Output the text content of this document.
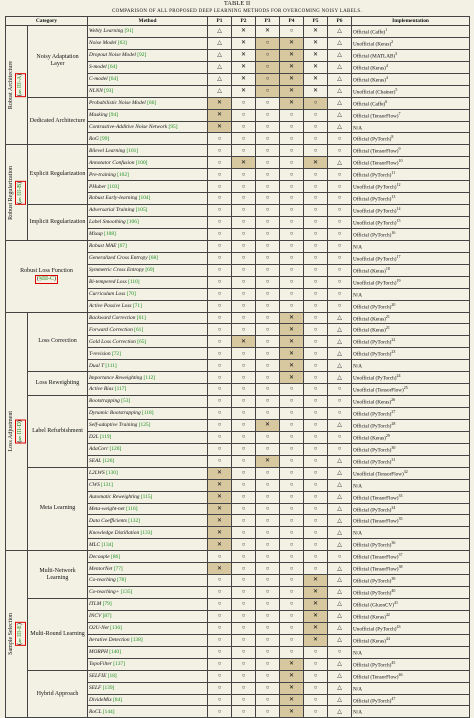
TABLE II
COMPARISON OF ALL PROPOSED DEEP LEARNING METHODS FOR OVERCOMING NOISY LABELS.
Category		Method	P1	P2	P3	P4	P5	P6	Implementation

Robust Architecture (§III-A)	Noisy Adaptation Layer	Webly Learning [91]	△	✕	✕	○	✕	△	Official (Caffe)$^1$
		Noise Model [63]	△	✕	○	✕	✕	△	Unofficial (Keras)$^2$
		Dropout Noise Model [92]	△	✕	○	✕	✕	△	Official (MATLAB)$^3$
		S-model [64]	△	✕	○	✕	✕	△	Official (Keras)$^4$
		C-model [64]	△	✕	○	✕	✕	△	Official (Keras)$^4$
		NLNN [93]	△	✕	○	✕	✕	△	Unofficial (Chainer)$^5$
	Dedicated Architecture	Probabilistic Noise Model [66]	✕	○	○	✕	○	△	Official (Caffe)$^6$
		Masking [94]	✕	○	○	○	○	△	Official (TensorFlow)$^7$
		Contrastive-Additive Noise Network [95]	✕	○	○	○	○	△	N/A
		RoG [99]	○	○	○	○	○	○	Official (PyTorch)$^8$

Robust Regularization (§III-B)	Explicit Regularization	Bilevel Learning [101]	○	○	○	○	○	○	Official (TensorFlow)$^9$
		Annotator Confusion [100]	○	✕	○	○	✕	△	Official (TensorFlow)$^{10}$
		Pre-training [102]	○	○	○	○	○	○	Official (PyTorch)$^{11}$
		PHuber [103]	○	○	○	○	○	○	Unofficial (PyTorch)$^{12}$
		Robust Early-learning [104]	○	○	○	○	○	○	Official (PyTorch)$^{13}$
	Implicit Regularization	Adversarial Training [105]	○	○	○	○	○	○	Unofficial (PyTorch)$^{14}$
		Label Smoothing [106]	○	○	○	○	○	○	Unofficial (PyTorch)$^{15}$
		Mixup [108]	○	○	○	○	○	○	Official (PyTorch)$^{16}$

Robust Loss Function
(§III-C)		Robust MAE [67]	○	○	○	○	○	○	N/A
		Generalized Cross Entropy [68]	○	○	○	○	○	○	Unofficial (PyTorch)$^{17}$
		Symmetric Cross Entropy [69]	○	○	○	○	○	○	Official (Keras)$^{18}$
		Bi-tempered Loss [110]	○	○	○	○	○	○	Unofficial (PyTorch)$^{19}$
		Curriculum Loss [70]	○	○	○	○	○	○	N/A
		Active Passive Loss [71]	○	○	○	○	○	○	Official (PyTorch)$^{20}$

Loss Adjustment (§III-D)	Loss Correction	Backward Correction [61]	○	○	○	✕	○	△	Official (Keras)$^{21}$
		Forward Correction [61]	○	○	○	✕	○	△	Official (Keras)$^{21}$
		Gold Loss Correction [65]	○	✕	○	✕	○	△	Official (PyTorch)$^{22}$
		T-revision [72]	○	○	○	✕	○	△	Official (PyTorch)$^{23}$
		Dual T [111]	○	○	○	✕	○	△	N/A
	Loss Reweighting	Importance Reweighting [112]	○	○	○	✕	○	△	Unofficial (PyTorch)$^{24}$
		Active Bias [117]	○	○	○	○	○	○	Unofficial (TensorFlow)$^{25}$
	Label Refurbishment	Bootstrapping [53]	○	○	○	○	○	○	Unofficial (Keras)$^{26}$
		Dynamic Bootstrapping [118]	○	○	○	○	○	○	Official (PyTorch)$^{27}$
		Self-adaptive Training [125]	○	○	✕	○	○	△	Official (PyTorch)$^{28}$
		D2L [119]	○	○	○	○	○	○	Official (Keras)$^{29}$
		AdaCorr [120]	○	○	○	○	○	○	Official (PyTorch)$^{30}$
		SEAL [126]	○	○	✕	○	○	△	Official (PyTorch)$^{31}$
	Meta Learning	L2LWS [130]	✕	○	○	○	○	△	Unofficial (TensorFlow)$^{32}$
		CWS [131]	✕	○	○	○	○	△	N/A
		Automatic Reweighting [115]	✕	○	○	○	○	△	Official (TensorFlow)$^{33}$
		Meta-weight-net [116]	✕	○	○	○	○	△	Official (PyTorch)$^{34}$
		Data Coefficients [132]	✕	○	○	○	○	△	Official (TensorFlow)$^{35}$
		Knowledge Distillation [133]	✕	○	○	○	○	△	N/A
		MLC [134]	✕	○	○	○	○	△	Official (PyTorch)$^{36}$

Sample Selection (§III-E)	Multi-Network Learning	Decouple [86]	○	○	○	○	○	○	Official (TensorFlow)$^{37}$
		MentorNet [77]	✕	○	○	○	○	△	Official (TensorFlow)$^{38}$
		Co-teaching [78]	○	○	○	○	✕	△	Official (PyTorch)$^{39}$
		Co-teaching+ [135]	○	○	○	○	✕	△	Official (PyTorch)$^{40}$
	Multi-Round Learning	ITLM [79]	○	○	○	○	✕	△	Official (GluonCV)$^{41}$
		INCV [87]	○	○	○	○	✕	△	Official (Keras)$^{42}$
		O2U-Net [136]	○	○	○	○	✕	△	Unofficial (PyTorch)$^{43}$
		Iterative Detection [138]	○	○	○	○	✕	△	Official (Keras)$^{44}$
		MORPH [140]	○	○	○	○	○	○	N/A
		TopoFilter [137]	○	○	○	✕	○	△	Official (PyTorch)$^{45}$
	Hybrid Approach	SELFIE [18]	○	○	○	✕	○	△	Official (TensorFlow)$^{46}$
		SELF [139]	○	○	○	✕	○	△	N/A
		DivideMix [84]	○	○	○	✕	○	△	Official (PyTorch)$^{47}$
		RoCL [144]	○	○	○	✕	○	△	N/A
